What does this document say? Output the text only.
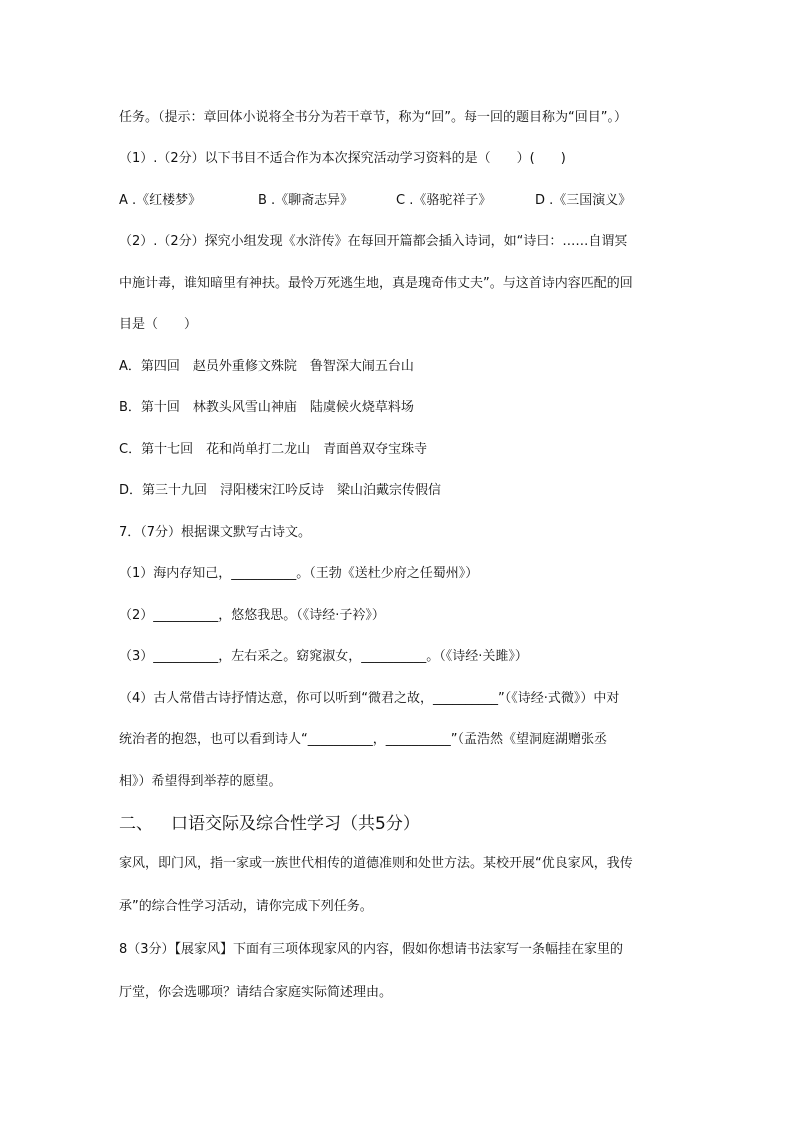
任务。（提示：章回体小说将全书分为若干章节，称为“回”。每一回的题目称为“回目”。）
（1）.（2分）以下书目不适合作为本次探究活动学习资料的是（　　）(　　)
A .《红楼梦》	B .《聊斋志异》	C .《骆驼祥子》	D .《三国演义》
（2）.（2分）探究小组发现《水浒传》在每回开篇都会插入诗词，如“诗曰：……自谓冥
中施计毒，谁知暗里有神扶。最怜万死逃生地，真是瑰奇伟丈夫”。与这首诗内容匹配的回
目是（　　）
A．第四回　赵员外重修文殊院　鲁智深大闹五台山
B．第十回　林教头风雪山神庙　陆虞候火烧草料场
C．第十七回　花和尚单打二龙山　青面兽双夺宝珠寺
D．第三十九回　浔阳楼宋江吟反诗　梁山泊戴宗传假信
7．（7分）根据课文默写古诗文。
（1）海内存知己，__________。（王勃《送杜少府之任蜀州》）
（2）__________，悠悠我思。（《诗经·子衿》）
（3）__________，左右采之。窈窕淑女，__________。（《诗经·关雎》）
（4）古人常借古诗抒情达意，你可以听到“微君之故，__________”（《诗经·式微》）中对
统治者的抱怨，也可以看到诗人“__________，__________”（孟浩然《望洞庭湖赠张丞
相》）希望得到举荐的愿望。
二、 口语交际及综合性学习（共5分）
家风，即门风，指一家或一族世代相传的道德准则和处世方法。某校开展“优良家风，我传
承”的综合性学习活动，请你完成下列任务。
8（3分）【展家风】下面有三项体现家风的内容，假如你想请书法家写一条幅挂在家里的
厅堂，你会选哪项？请结合家庭实际简述理由。
